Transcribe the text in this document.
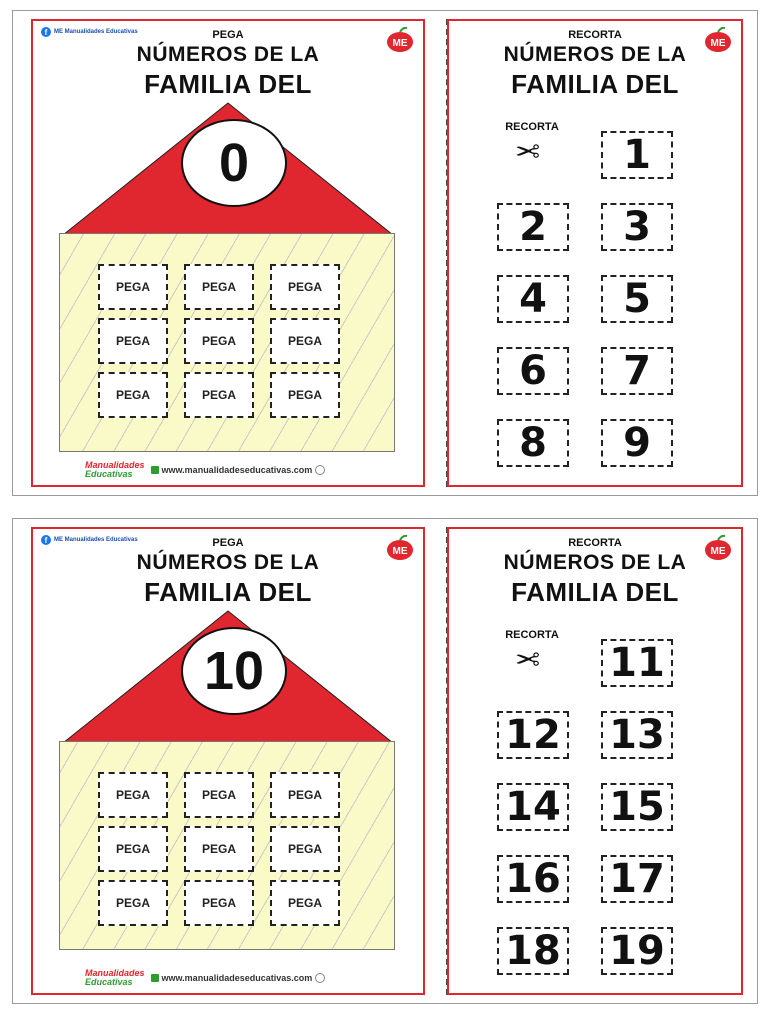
f	ME Manualidades Educativas
ME
PEGA
NÚMEROS DE LA
FAMILIA DEL
0
PEGA	PEGA	PEGA
PEGA	PEGA	PEGA
PEGA	PEGA	PEGA
Manualidades
Educativas	www.manualidadeseducativas.com
ME
RECORTA
NÚMEROS DE LA
FAMILIA DEL
RECORTA
✂	1
2	3
4	5
6	7
8	9
f	ME Manualidades Educativas
ME
PEGA
NÚMEROS DE LA
FAMILIA DEL
10
PEGA	PEGA	PEGA
PEGA	PEGA	PEGA
PEGA	PEGA	PEGA
Manualidades
Educativas	www.manualidadeseducativas.com
ME
RECORTA
NÚMEROS DE LA
FAMILIA DEL
RECORTA
✂ 11
12 13
14 15
16 17
18 19
